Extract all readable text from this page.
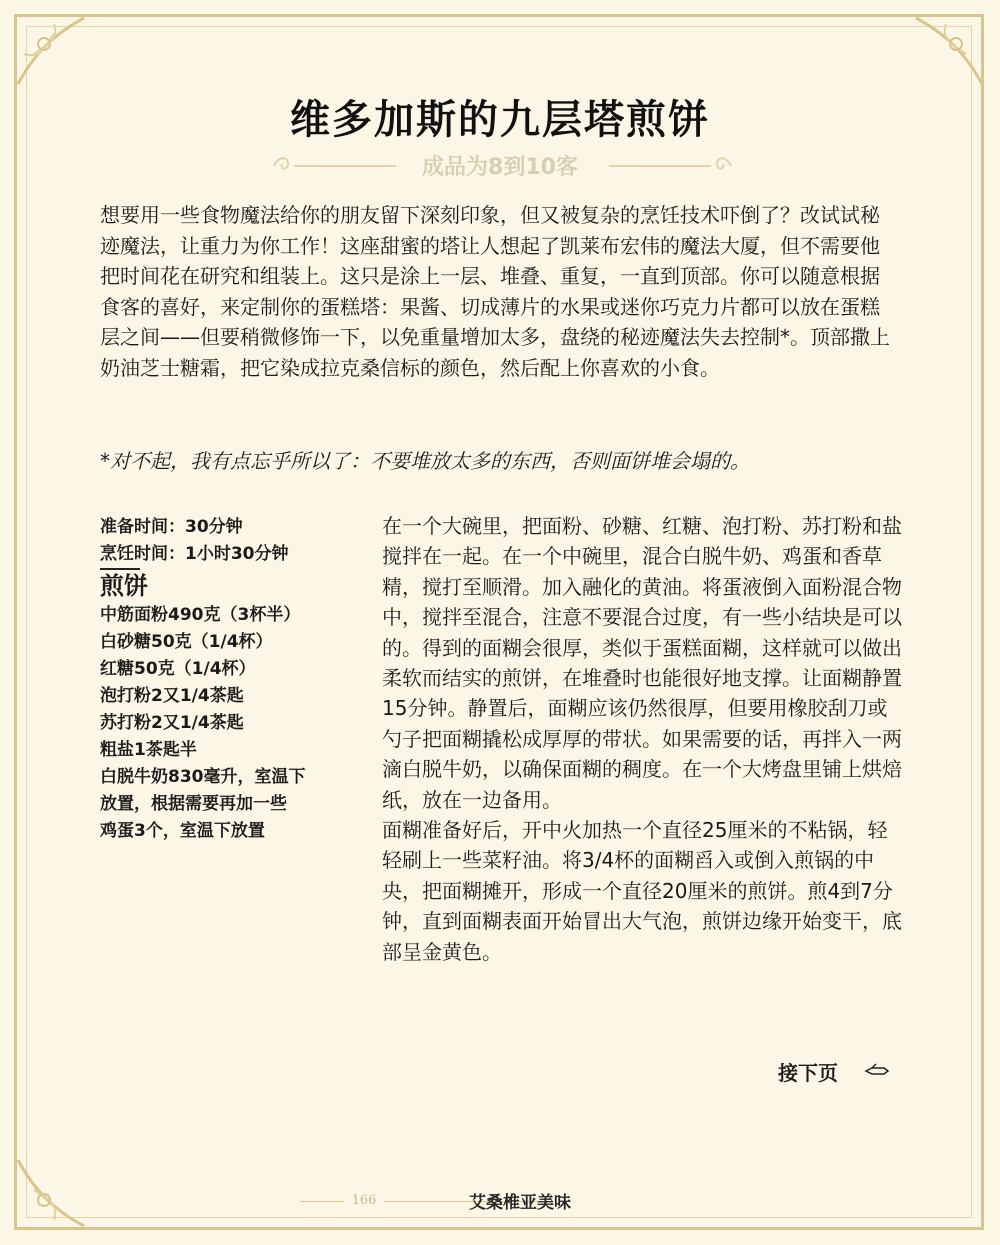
维多加斯的九层塔煎饼
成品为8到10客

想要用一些食物魔法给你的朋友留下深刻印象，但又被复杂的烹饪技术吓倒了？改试试秘迹魔法，让重力为你工作！这座甜蜜的塔让人想起了凯莱布宏伟的魔法大厦，但不需要他把时间花在研究和组装上。这只是涂上一层、堆叠、重复，一直到顶部。你可以随意根据食客的喜好，来定制你的蛋糕塔：果酱、切成薄片的水果或迷你巧克力片都可以放在蛋糕层之间——但要稍微修饰一下，以免重量增加太多，盘绕的秘迹魔法失去控制*。顶部撒上奶油芝士糖霜，把它染成拉克桑信标的颜色，然后配上你喜欢的小食。

*对不起，我有点忘乎所以了：不要堆放太多的东西，否则面饼堆会塌的。

准备时间：30分钟
烹饪时间：1小时30分钟
煎饼
中筋面粉490克（3杯半）
白砂糖50克（1/4杯）
红糖50克（1/4杯）
泡打粉2又1/4茶匙
苏打粉2又1/4茶匙
粗盐1茶匙半
白脱牛奶830毫升，室温下放置，根据需要再加一些
鸡蛋3个，室温下放置

在一个大碗里，把面粉、砂糖、红糖、泡打粉、苏打粉和盐搅拌在一起。在一个中碗里，混合白脱牛奶、鸡蛋和香草精，搅打至顺滑。加入融化的黄油。将蛋液倒入面粉混合物中，搅拌至混合，注意不要混合过度，有一些小结块是可以的。得到的面糊会很厚，类似于蛋糕面糊，这样就可以做出柔软而结实的煎饼，在堆叠时也能很好地支撑。让面糊静置15分钟。静置后，面糊应该仍然很厚，但要用橡胶刮刀或勺子把面糊撬松成厚厚的带状。如果需要的话，再拌入一两滴白脱牛奶，以确保面糊的稠度。在一个大烤盘里铺上烘焙纸，放在一边备用。

面糊准备好后，开中火加热一个直径25厘米的不粘锅，轻轻刷上一些菜籽油。将3/4杯的面糊舀入或倒入煎锅的中央，把面糊摊开，形成一个直径20厘米的煎饼。煎4到7分钟，直到面糊表面开始冒出大气泡，煎饼边缘开始变干，底部呈金黄色。

接下页
166	艾桑椎亚美味
